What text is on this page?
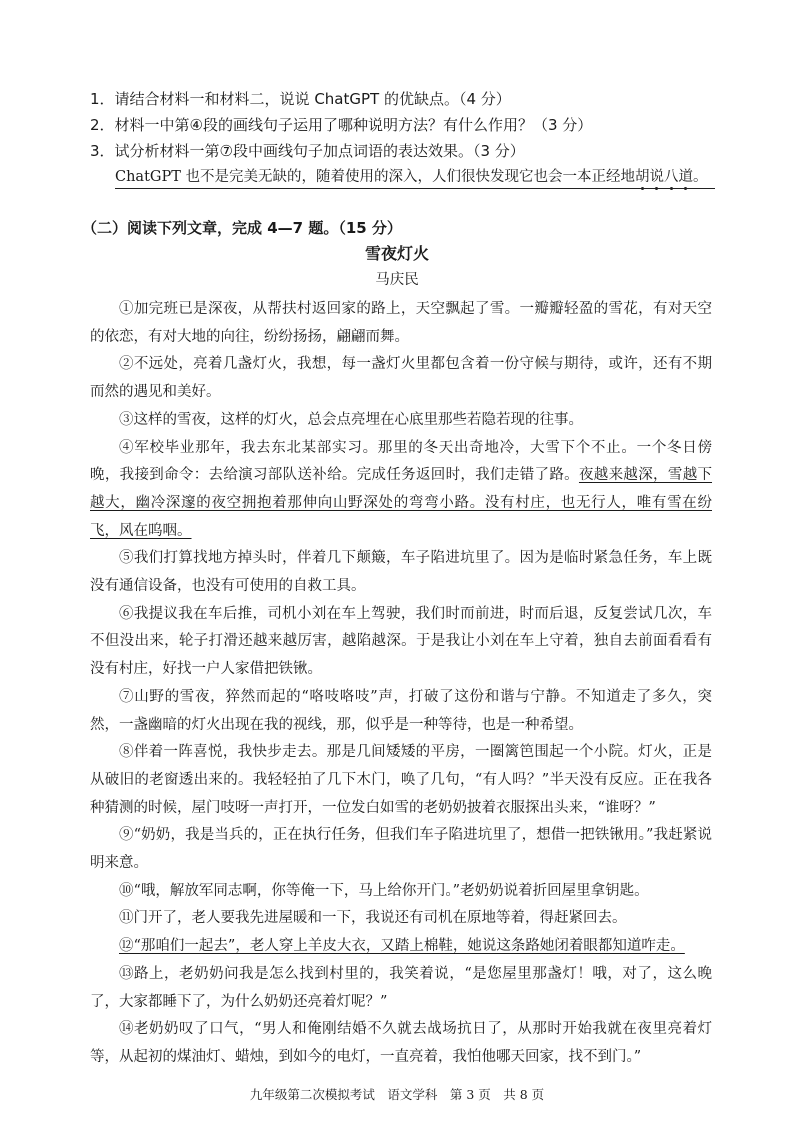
1．请结合材料一和材料二，说说 ChatGPT 的优缺点。（4 分）
2．材料一中第④段的画线句子运用了哪种说明方法？有什么作用？（3 分）
3．试分析材料一第⑦段中画线句子加点词语的表达效果。（3 分）
ChatGPT 也不是完美无缺的，随着使用的深入，人们很快发现它也会一本正经地胡说八道。
（二）阅读下列文章，完成 4—7 题。（15 分）
雪夜灯火
马庆民

①加完班已是深夜，从帮扶村返回家的路上，天空飘起了雪。一瓣瓣轻盈的雪花，有对天空的依恋，有对大地的向往，纷纷扬扬，翩翩而舞。

②不远处，亮着几盏灯火，我想，每一盏灯火里都包含着一份守候与期待，或许，还有不期而然的遇见和美好。

③这样的雪夜，这样的灯火，总会点亮埋在心底里那些若隐若现的往事。

④军校毕业那年，我去东北某部实习。那里的冬天出奇地冷，大雪下个不止。一个冬日傍晚，我接到命令：去给演习部队送补给。完成任务返回时，我们走错了路。夜越来越深，雪越下越大，幽冷深邃的夜空拥抱着那伸向山野深处的弯弯小路。没有村庄，也无行人，唯有雪在纷飞，风在呜咽。

⑤我们打算找地方掉头时，伴着几下颠簸，车子陷进坑里了。因为是临时紧急任务，车上既没有通信设备，也没有可使用的自救工具。

⑥我提议我在车后推，司机小刘在车上驾驶，我们时而前进，时而后退，反复尝试几次，车不但没出来，轮子打滑还越来越厉害，越陷越深。于是我让小刘在车上守着，独自去前面看看有没有村庄，好找一户人家借把铁锹。

⑦山野的雪夜，猝然而起的“咯吱咯吱”声，打破了这份和谐与宁静。不知道走了多久，突然，一盏幽暗的灯火出现在我的视线，那，似乎是一种等待，也是一种希望。

⑧伴着一阵喜悦，我快步走去。那是几间矮矮的平房，一圈篱笆围起一个小院。灯火，正是从破旧的老窗透出来的。我轻轻拍了几下木门，唤了几句，“有人吗？”半天没有反应。正在我各种猜测的时候，屋门吱呀一声打开，一位发白如雪的老奶奶披着衣服探出头来，“谁呀？”

⑨“奶奶，我是当兵的，正在执行任务，但我们车子陷进坑里了，想借一把铁锹用。”我赶紧说明来意。

⑩“哦，解放军同志啊，你等俺一下，马上给你开门。”老奶奶说着折回屋里拿钥匙。

⑪门开了，老人要我先进屋暖和一下，我说还有司机在原地等着，得赶紧回去。

⑫“那咱们一起去”，老人穿上羊皮大衣，又踏上棉鞋，她说这条路她闭着眼都知道咋走。

⑬路上，老奶奶问我是怎么找到村里的，我笑着说，“是您屋里那盏灯！哦，对了，这么晚了，大家都睡下了，为什么奶奶还亮着灯呢？”

⑭老奶奶叹了口气，“男人和俺刚结婚不久就去战场抗日了，从那时开始我就在夜里亮着灯等，从起初的煤油灯、蜡烛，到如今的电灯，一直亮着，我怕他哪天回家，找不到门。”

九年级第二次模拟考试　语文学科　第 3 页　共 8 页
